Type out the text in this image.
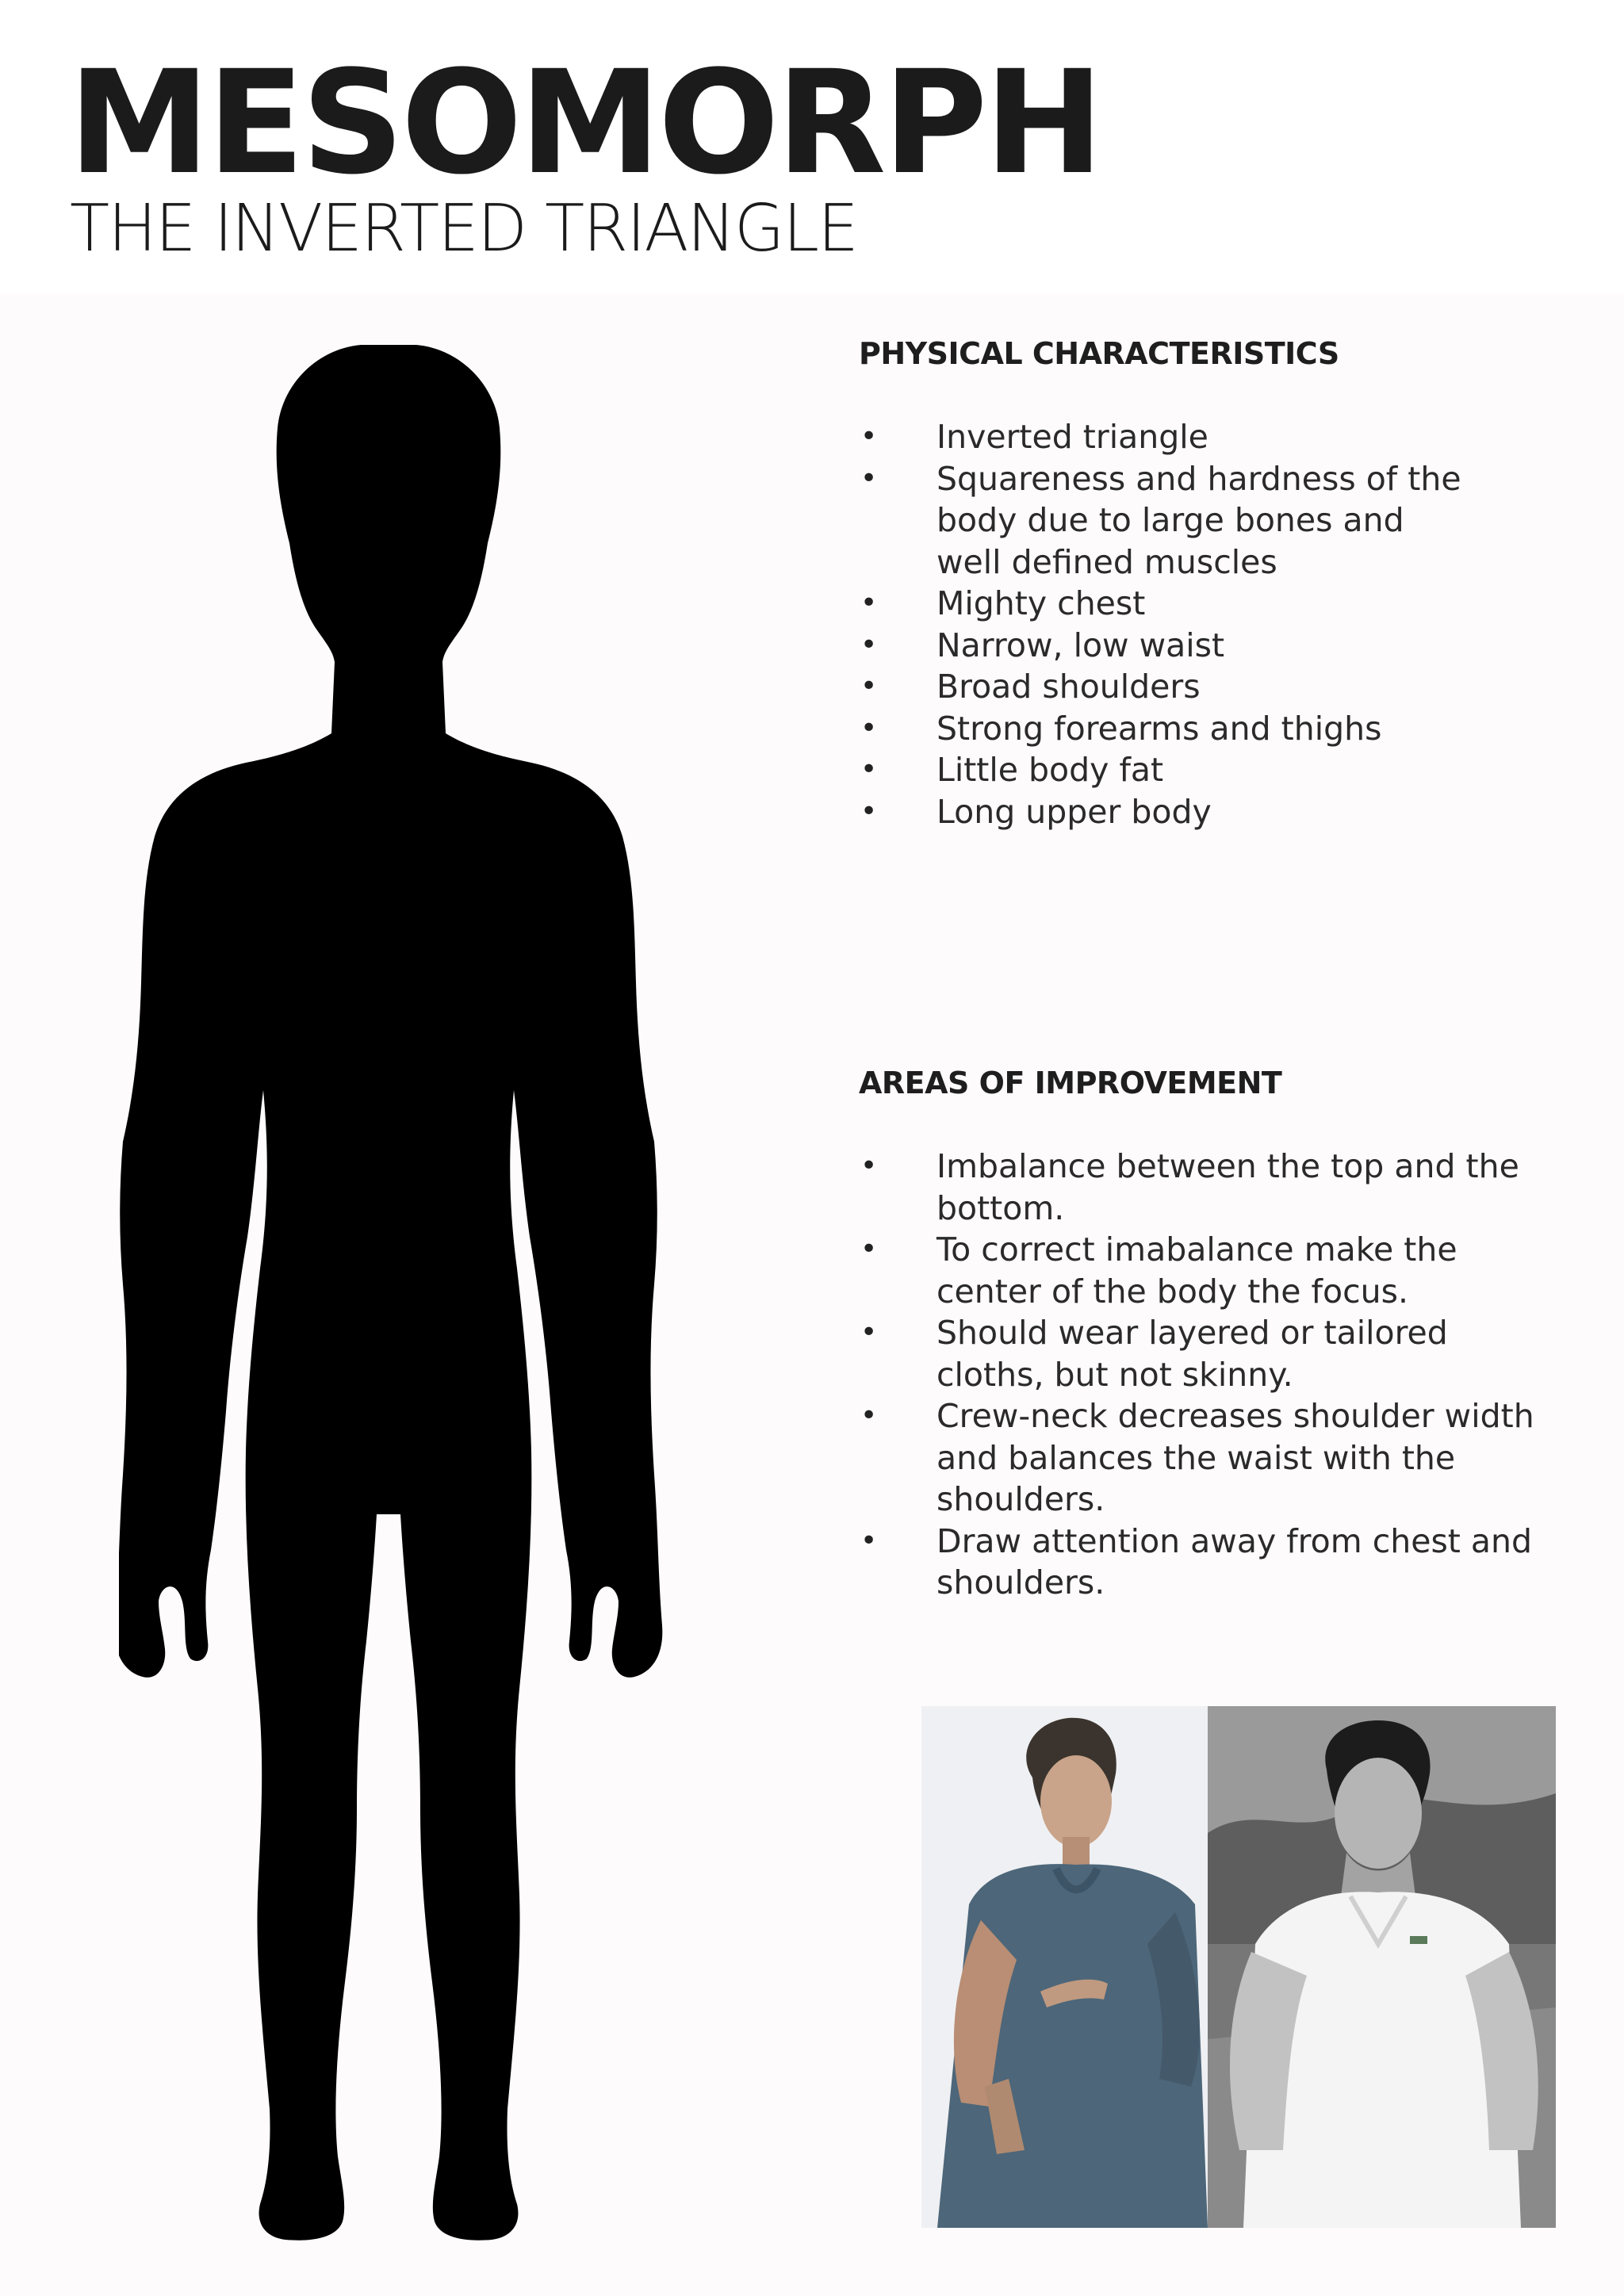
MESOMORPH
THE INVERTED TRIANGLE
PHYSICAL CHARACTERISTICS
• Inverted triangle
• Squareness and hardness of the body due to large bones and well defined muscles
• Mighty chest
• Narrow, low waist
• Broad shoulders
• Strong forearms and thighs
• Little body fat
• Long upper body
AREAS OF IMPROVEMENT
• Imbalance between the top and the bottom.
• To correct imabalance make the center of the body the focus.
• Should wear layered or tailored cloths, but not skinny.
• Crew-neck decreases shoulder width and balances the waist with the shoulders.
• Draw attention away from chest and shoulders.
